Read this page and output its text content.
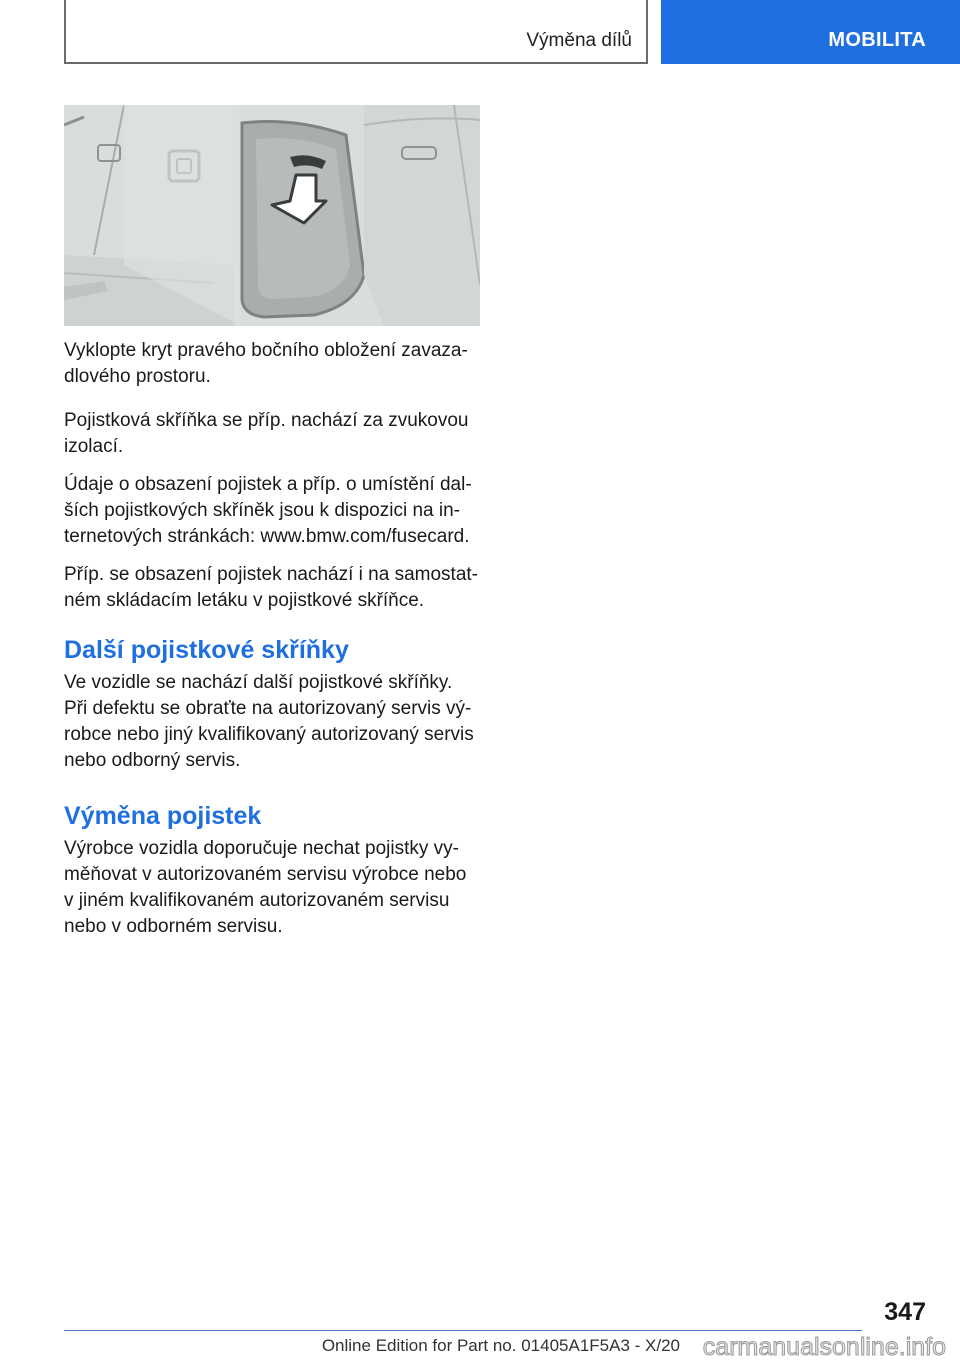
Výměna dílů	MOBILITA

Vyklopte kryt pravého bočního obložení zavazadlového prostoru.

Pojistková skříňka se příp. nachází za zvukovou izolací.

Údaje o obsazení pojistek a příp. o umístění dalších pojistkových skříněk jsou k dispozici na internetových stránkách: www.bmw.com/fusecard.

Příp. se obsazení pojistek nachází i na samostatném skládacím letáku v pojistkové skříňce.

Další pojistkové skříňky

Ve vozidle se nachází další pojistkové skříňky. Při defektu se obraťte na autorizovaný servis výrobce nebo jiný kvalifikovaný autorizovaný servis nebo odborný servis.

Výměna pojistek

Výrobce vozidla doporučuje nechat pojistky vyměňovat v autorizovaném servisu výrobce nebo v jiném kvalifikovaném autorizovaném servisu nebo v odborném servisu.

347
Online Edition for Part no. 01405A1F5A3 - X/20 carmanualsonline.info
